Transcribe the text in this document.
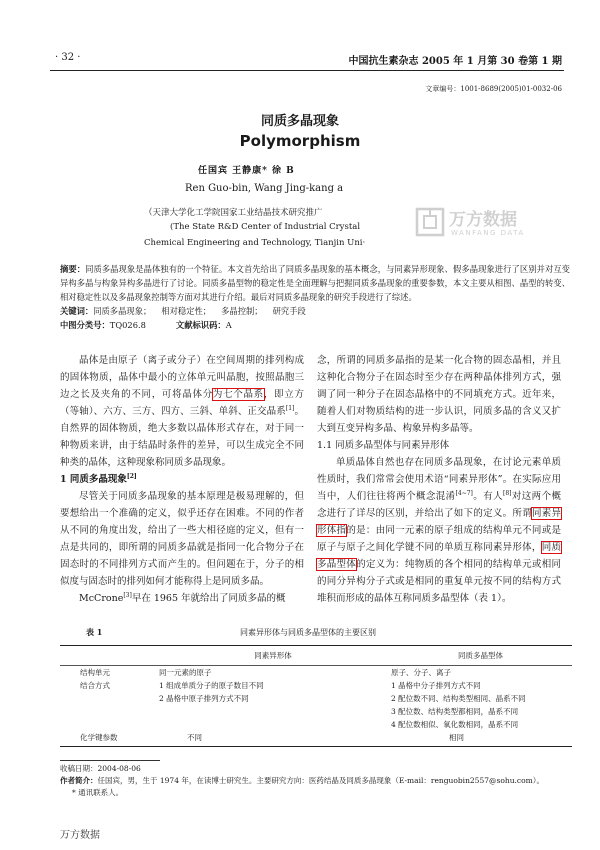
· 32 ·	中国抗生素杂志 2005 年 1 月第 30 卷第 1 期
文章编号：1001-8689(2005)01-0032-06
同质多晶现象
Polymorphism
任国宾 王静康* 徐 B
Ren Guo-bin, Wang Jing-kang a
（天津大学化工学院国家工业结晶技术研究推广
(The State R&D Center of Industrial Crystal
Chemical Engineering and Technology, Tianjin Uni·
万方数据
WANFANG DATA

摘要：同质多晶现象是晶体独有的一个特征。本文首先给出了同质多晶现象的基本概念，与同素异形现象、假多晶现象进行了区别并对互变异构多晶与构象异构多晶进行了讨论。同质多晶型物的稳定性是全面理解与把握同质多晶现象的重要参数，本文主要从相图、晶型的转变、相对稳定性以及多晶现象控制等方面对其进行介绍。最后对同质多晶现象的研究手段进行了综述。

关键词：同质多晶现象； 相对稳定性； 多晶控制； 研究手段

中图分类号：TQ026.8	文献标识码：A

晶体是由原子（离子或分子）在空间周期的排列构成的固体物质，晶体中最小的立体单元叫晶胞，按照晶胞三边之长及夹角的不同，可将晶体分为七个晶系，即立方（等轴）、六方、三方、四方、三斜、单斜、正交晶系[1]。自然界的固体物质，绝大多数以晶体形式存在，对于同一种物质来讲，由于结晶时条件的差异，可以生成完全不同种类的晶体，这种现象称同质多晶现象。

1 同质多晶现象[2]

尽管关于同质多晶现象的基本原理是极易理解的，但要想给出一个准确的定义，似乎还存在困难。不同的作者从不同的角度出发，给出了一些大相径庭的定义，但有一点是共同的，即所谓的同质多晶就是指同一化合物分子在固态时的不同排列方式而产生的。但问题在于，分子的相似度与固态时的排列如何才能称得上是同质多晶。

McCrone[3]早在 1965 年就给出了同质多晶的概

念，所谓的同质多晶指的是某一化合物的固态晶相，并且这种化合物分子在固态时至少存在两种晶体排列方式，强调了同一种分子在固态晶格中的不同填充方式。近年来，随着人们对物质结构的进一步认识，同质多晶的含义又扩大到互变异构多晶、构象异构多晶等。

1.1 同质多晶型体与同素异形体

单质晶体自然也存在同质多晶现象，在讨论元素单质性质时，我们常常会使用术语“同素异形体”。在实际应用当中，人们往往将两个概念混淆[4~7]。有人[8]对这两个概念进行了详尽的区别，并给出了如下的定义。所谓同素异形体指的是：由同一元素的原子组成的结构单元不同或是原子与原子之间化学键不同的单质互称同素异形体，同质多晶型体的定义为：纯物质的各个相同的结构单元或相同的同分异构分子式或是相同的重复单元按不同的结构方式堆积而形成的晶体互称同质多晶型体（表 1）。

表 1	同素异形体与同质多晶型体的主要区别
	同素异形体	同质多晶型体
结构单元	同一元素的原子	原子、分子、离子
结合方式	1 组成单质分子的原子数目不同	1 晶格中分子排列方式不同
	2 晶格中原子排列方式不同	2 配位数不同、结构类型相同、晶系不同
		3 配位数、结构类型都相同，晶系不同
		4 配位数相似、氧化数相同，晶系不同
化学键参数	不同	相同

收稿日期：2004-08-06

作者简介：任国宾，男，生于 1974 年，在读博士研究生。主要研究方向：医药结晶及同质多晶现象（E-mail：renguobin2557@sohu.com）。

* 通讯联系人。

万方数据
